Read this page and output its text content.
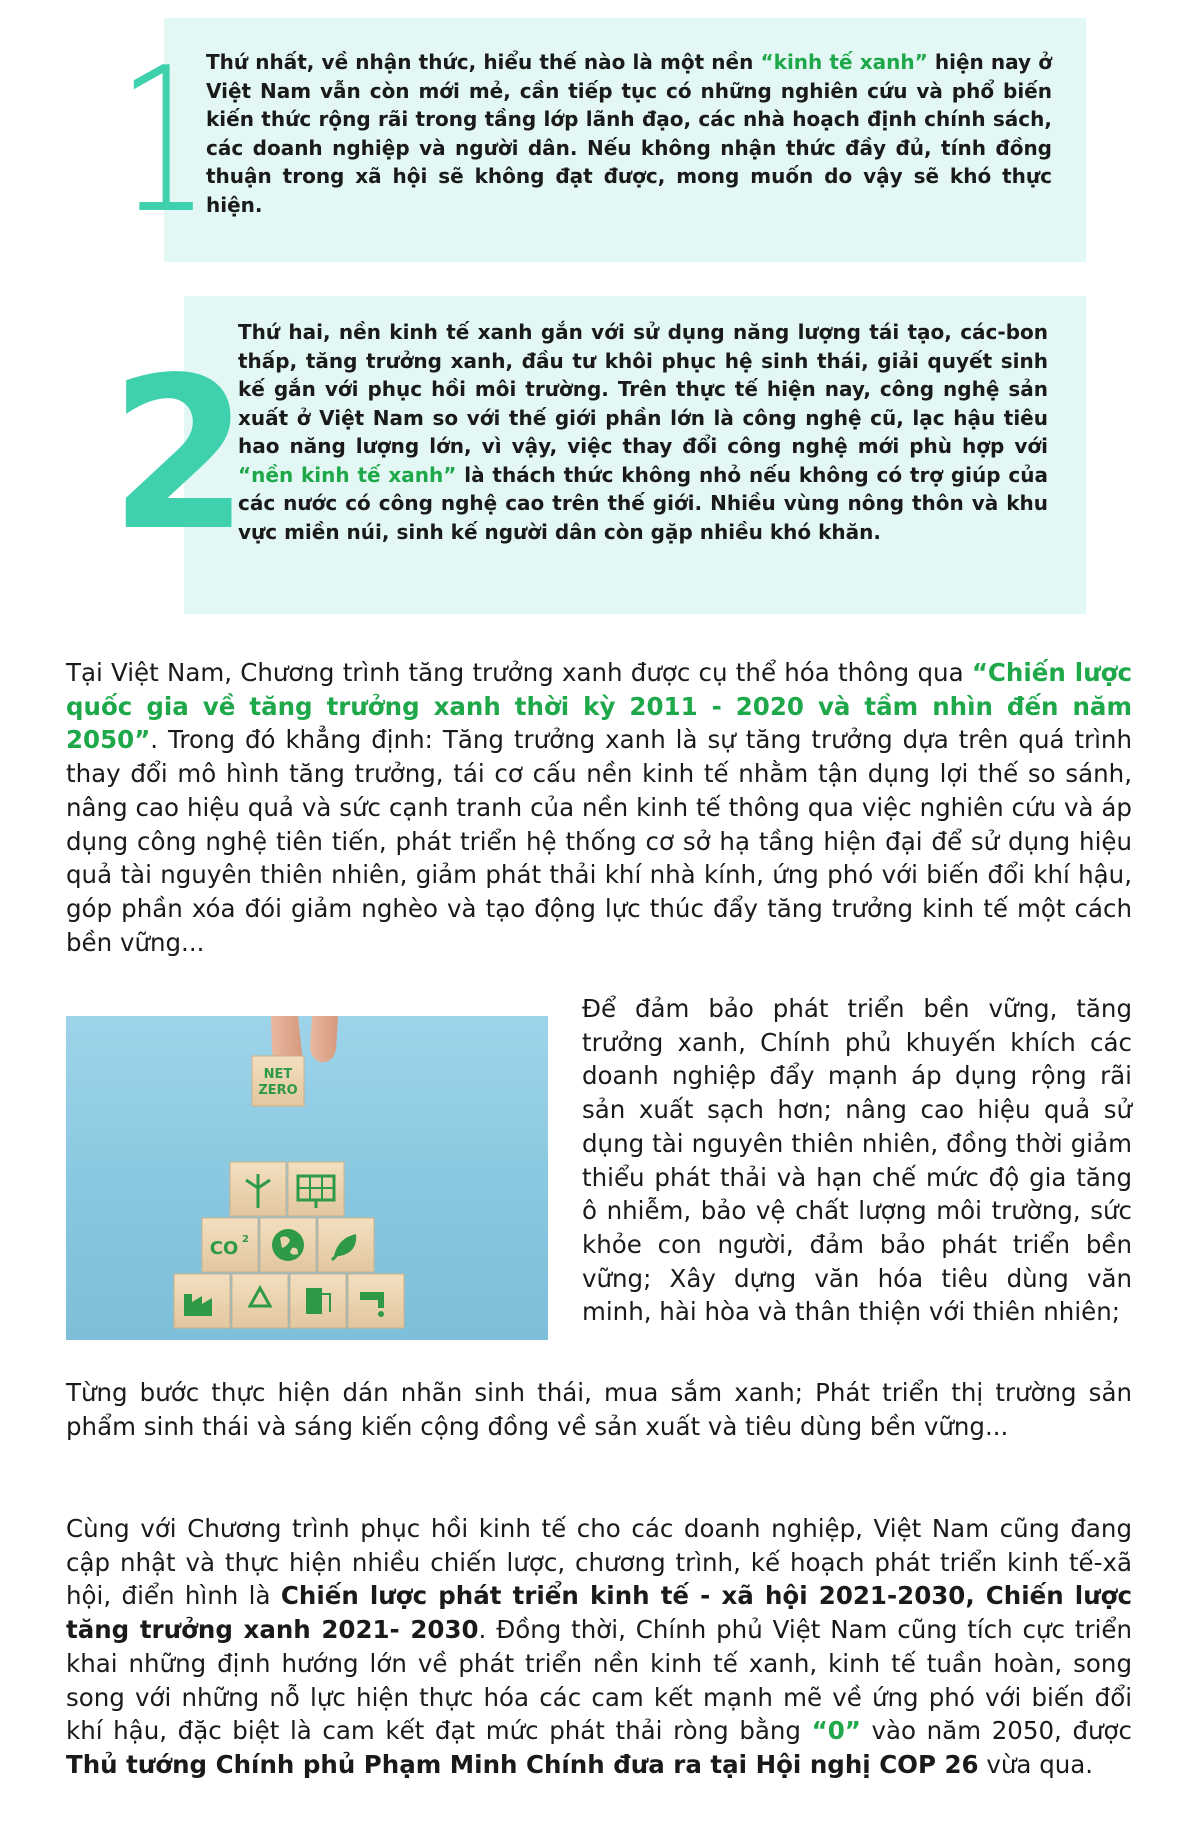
1
Thứ nhất, về nhận thức, hiểu thế nào là một nền “kinh tế xanh” hiện nay ở Việt Nam vẫn còn mới mẻ, cần tiếp tục có những nghiên cứu và phổ biến kiến thức rộng rãi trong tầng lớp lãnh đạo, các nhà hoạch định chính sách, các doanh nghiệp và người dân. Nếu không nhận thức đầy đủ, tính đồng thuận trong xã hội sẽ không đạt được, mong muốn do vậy sẽ khó thực hiện.
2
Thứ hai, nền kinh tế xanh gắn với sử dụng năng lượng tái tạo, các-bon thấp, tăng trưởng xanh, đầu tư khôi phục hệ sinh thái, giải quyết sinh kế gắn với phục hồi môi trường. Trên thực tế hiện nay, công nghệ sản xuất ở Việt Nam so với thế giới phần lớn là công nghệ cũ, lạc hậu tiêu hao năng lượng lớn, vì vậy, việc thay đổi công nghệ mới phù hợp với “nền kinh tế xanh” là thách thức không nhỏ nếu không có trợ giúp của các nước có công nghệ cao trên thế giới. Nhiều vùng nông thôn và khu vực miền núi, sinh kế người dân còn gặp nhiều khó khăn.
Tại Việt Nam, Chương trình tăng trưởng xanh được cụ thể hóa thông qua “Chiến lược quốc gia về tăng trưởng xanh thời kỳ 2011 - 2020 và tầm nhìn đến năm 2050”. Trong đó khẳng định: Tăng trưởng xanh là sự tăng trưởng dựa trên quá trình thay đổi mô hình tăng trưởng, tái cơ cấu nền kinh tế nhằm tận dụng lợi thế so sánh, nâng cao hiệu quả và sức cạnh tranh của nền kinh tế thông qua việc nghiên cứu và áp dụng công nghệ tiên tiến, phát triển hệ thống cơ sở hạ tầng hiện đại để sử dụng hiệu quả tài nguyên thiên nhiên, giảm phát thải khí nhà kính, ứng phó với biến đổi khí hậu, góp phần xóa đói giảm nghèo và tạo động lực thúc đẩy tăng trưởng kinh tế một cách bền vững...
NET
ZERO
CO 2
Để đảm bảo phát triển bền vững, tăng trưởng xanh, Chính phủ khuyến khích các doanh nghiệp đẩy mạnh áp dụng rộng rãi sản xuất sạch hơn; nâng cao hiệu quả sử dụng tài nguyên thiên nhiên, đồng thời giảm thiểu phát thải và hạn chế mức độ gia tăng ô nhiễm, bảo vệ chất lượng môi trường, sức khỏe con người, đảm bảo phát triển bền vững; Xây dựng văn hóa tiêu dùng văn minh, hài hòa và thân thiện với thiên nhiên;
Từng bước thực hiện dán nhãn sinh thái, mua sắm xanh; Phát triển thị trường sản phẩm sinh thái và sáng kiến cộng đồng về sản xuất và tiêu dùng bền vững...
Cùng với Chương trình phục hồi kinh tế cho các doanh nghiệp, Việt Nam cũng đang cập nhật và thực hiện nhiều chiến lược, chương trình, kế hoạch phát triển kinh tế-xã hội, điển hình là Chiến lược phát triển kinh tế - xã hội 2021-2030, Chiến lược tăng trưởng xanh 2021- 2030. Đồng thời, Chính phủ Việt Nam cũng tích cực triển khai những định hướng lớn về phát triển nền kinh tế xanh, kinh tế tuần hoàn, song song với những nỗ lực hiện thực hóa các cam kết mạnh mẽ về ứng phó với biến đổi khí hậu, đặc biệt là cam kết đạt mức phát thải ròng bằng “0” vào năm 2050, được Thủ tướng Chính phủ Phạm Minh Chính đưa ra tại Hội nghị COP 26 vừa qua.
